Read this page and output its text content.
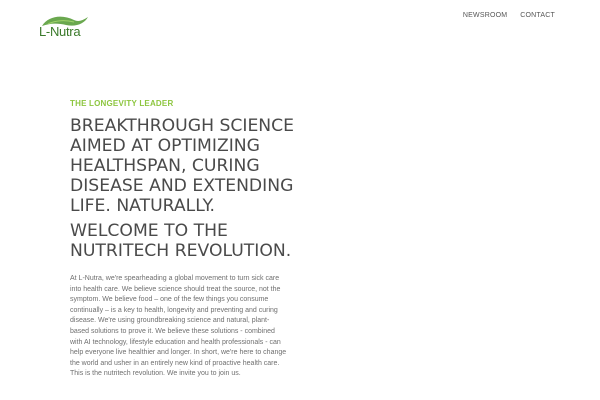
L-Nutra
NEWSROOM CONTACT

THE LONGEVITY LEADER

BREAKTHROUGH SCIENCE AIMED AT OPTIMIZING HEALTHSPAN, CURING DISEASE AND EXTENDING LIFE. NATURALLY.
WELCOME TO THE NUTRITECH REVOLUTION.

At L-Nutra, we're spearheading a global movement to turn sick care into health care. We believe science should treat the source, not the symptom. We believe food – one of the few things you consume continually – is a key to health, longevity and preventing and curing disease. We're using groundbreaking science and natural, plant-based solutions to prove it. We believe these solutions - combined with AI technology, lifestyle education and health professionals - can help everyone live healthier and longer. In short, we're here to change the world and usher in an entirely new kind of proactive health care. This is the nutritech revolution. We invite you to join us.
